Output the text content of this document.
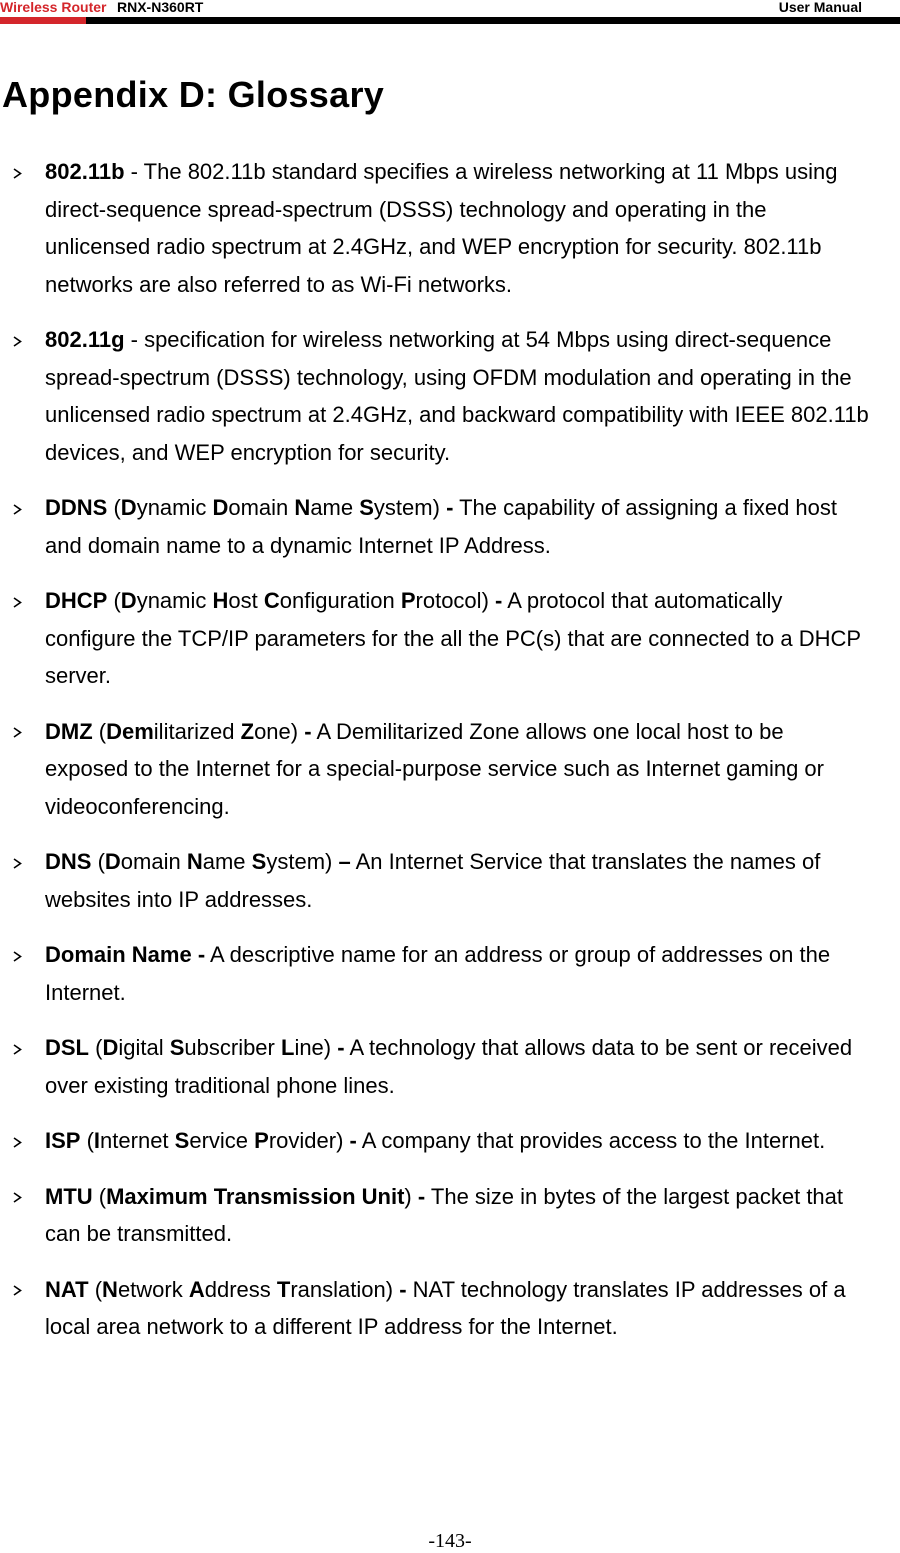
Wireless Router RNX-N360RT	User Manual
Appendix D: Glossary
802.11b - The 802.11b standard specifies a wireless networking at 11 Mbps using direct-sequence spread-spectrum (DSSS) technology and operating in the unlicensed radio spectrum at 2.4GHz, and WEP encryption for security. 802.11b networks are also referred to as Wi-Fi networks.
802.11g - specification for wireless networking at 54 Mbps using direct-sequence spread-spectrum (DSSS) technology, using OFDM modulation and operating in the unlicensed radio spectrum at 2.4GHz, and backward compatibility with IEEE 802.11b devices, and WEP encryption for security.
DDNS (Dynamic Domain Name System) - The capability of assigning a fixed host and domain name to a dynamic Internet IP Address.
DHCP (Dynamic Host Configuration Protocol) - A protocol that automatically configure the TCP/IP parameters for the all the PC(s) that are connected to a DHCP server.
DMZ (Demilitarized Zone) - A Demilitarized Zone allows one local host to be exposed to the Internet for a special-purpose service such as Internet gaming or videoconferencing.
DNS (Domain Name System) – An Internet Service that translates the names of websites into IP addresses.
Domain Name - A descriptive name for an address or group of addresses on the Internet.
DSL (Digital Subscriber Line) - A technology that allows data to be sent or received over existing traditional phone lines.
ISP (Internet Service Provider) - A company that provides access to the Internet.
MTU (Maximum Transmission Unit) - The size in bytes of the largest packet that can be transmitted.
NAT (Network Address Translation) - NAT technology translates IP addresses of a local area network to a different IP address for the Internet.
-143-
